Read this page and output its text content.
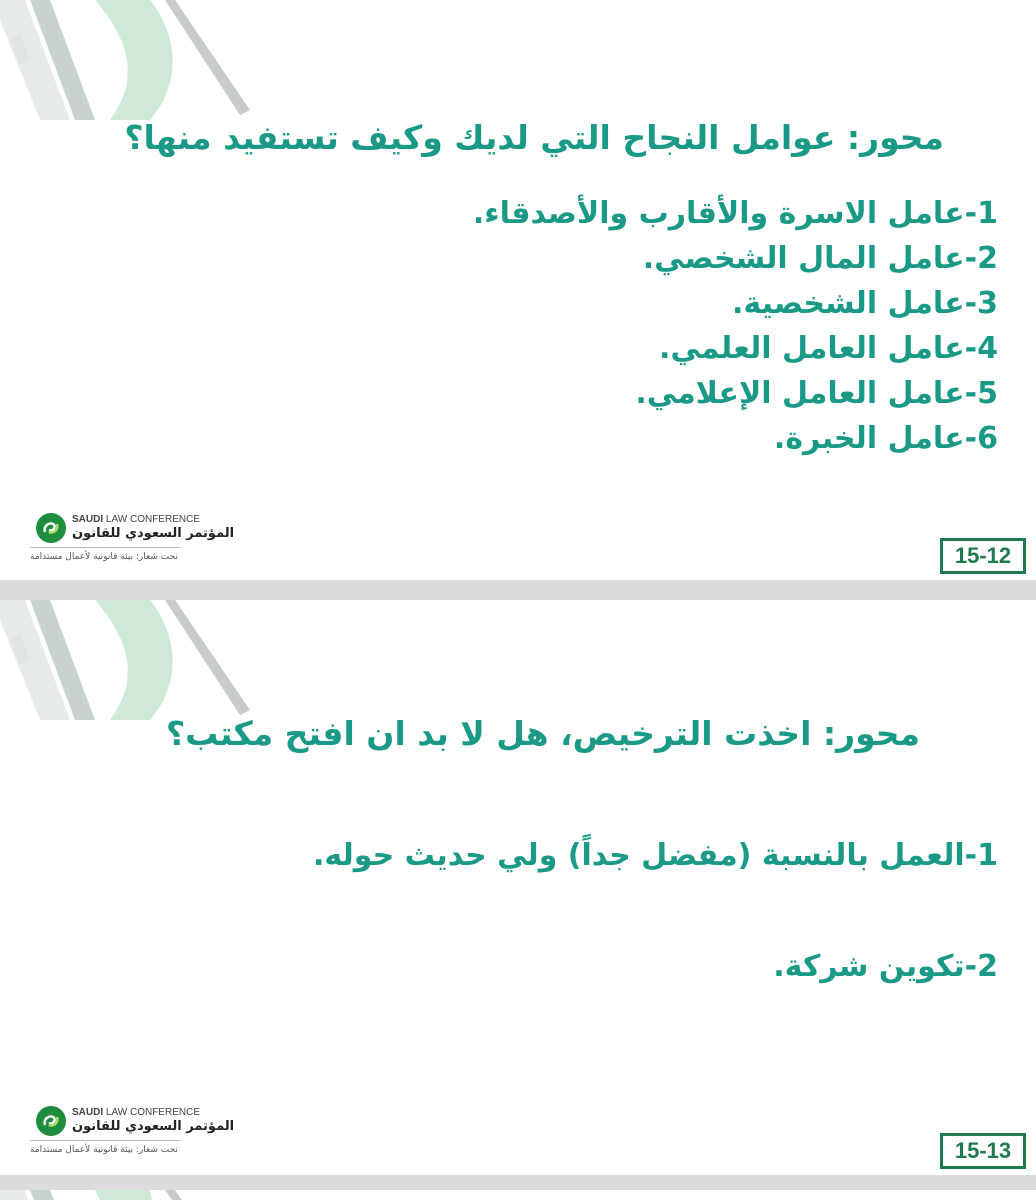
محور: عوامل النجاح التي لديك وكيف تستفيد منها؟
1-عامل الاسرة والأقارب والأصدقاء.
2-عامل المال الشخصي.
3-عامل الشخصية.
4-عامل العامل العلمي.
5-عامل العامل الإعلامي.
6-عامل الخبرة.
SAUDI LAW CONFERENCE
المؤتمر السعودي للقانون
تحت شعار: بيئة قانونية لأعمال مستدامة	15-12
محور: اخذت الترخيص، هل لا بد ان افتح مكتب؟
1-العمل بالنسبة (مفضل جداً) ولي حديث حوله.
2-تكوين شركة.
SAUDI LAW CONFERENCE
المؤتمر السعودي للقانون
تحت شعار: بيئة قانونية لأعمال مستدامة	15-13
